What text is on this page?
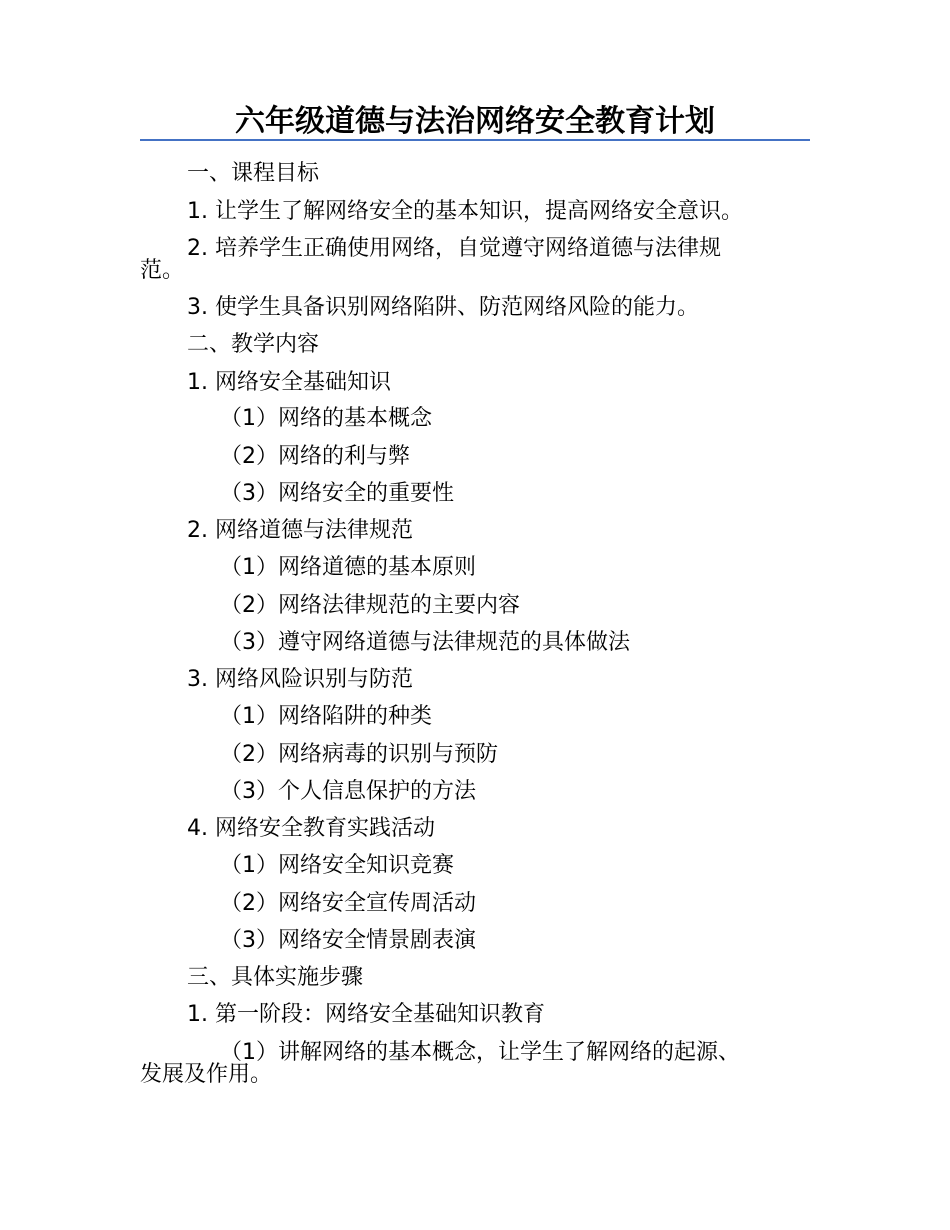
六年级道德与法治网络安全教育计划
一、课程目标
1. 让学生了解网络安全的基本知识，提高网络安全意识。
2. 培养学生正确使用网络，自觉遵守网络道德与法律规
范。
3. 使学生具备识别网络陷阱、防范网络风险的能力。
二、教学内容
1. 网络安全基础知识
（1）网络的基本概念
（2）网络的利与弊
（3）网络安全的重要性
2. 网络道德与法律规范
（1）网络道德的基本原则
（2）网络法律规范的主要内容
（3）遵守网络道德与法律规范的具体做法
3. 网络风险识别与防范
（1）网络陷阱的种类
（2）网络病毒的识别与预防
（3）个人信息保护的方法
4. 网络安全教育实践活动
（1）网络安全知识竞赛
（2）网络安全宣传周活动
（3）网络安全情景剧表演
三、具体实施步骤
1. 第一阶段：网络安全基础知识教育
（1）讲解网络的基本概念，让学生了解网络的起源、
发展及作用。
